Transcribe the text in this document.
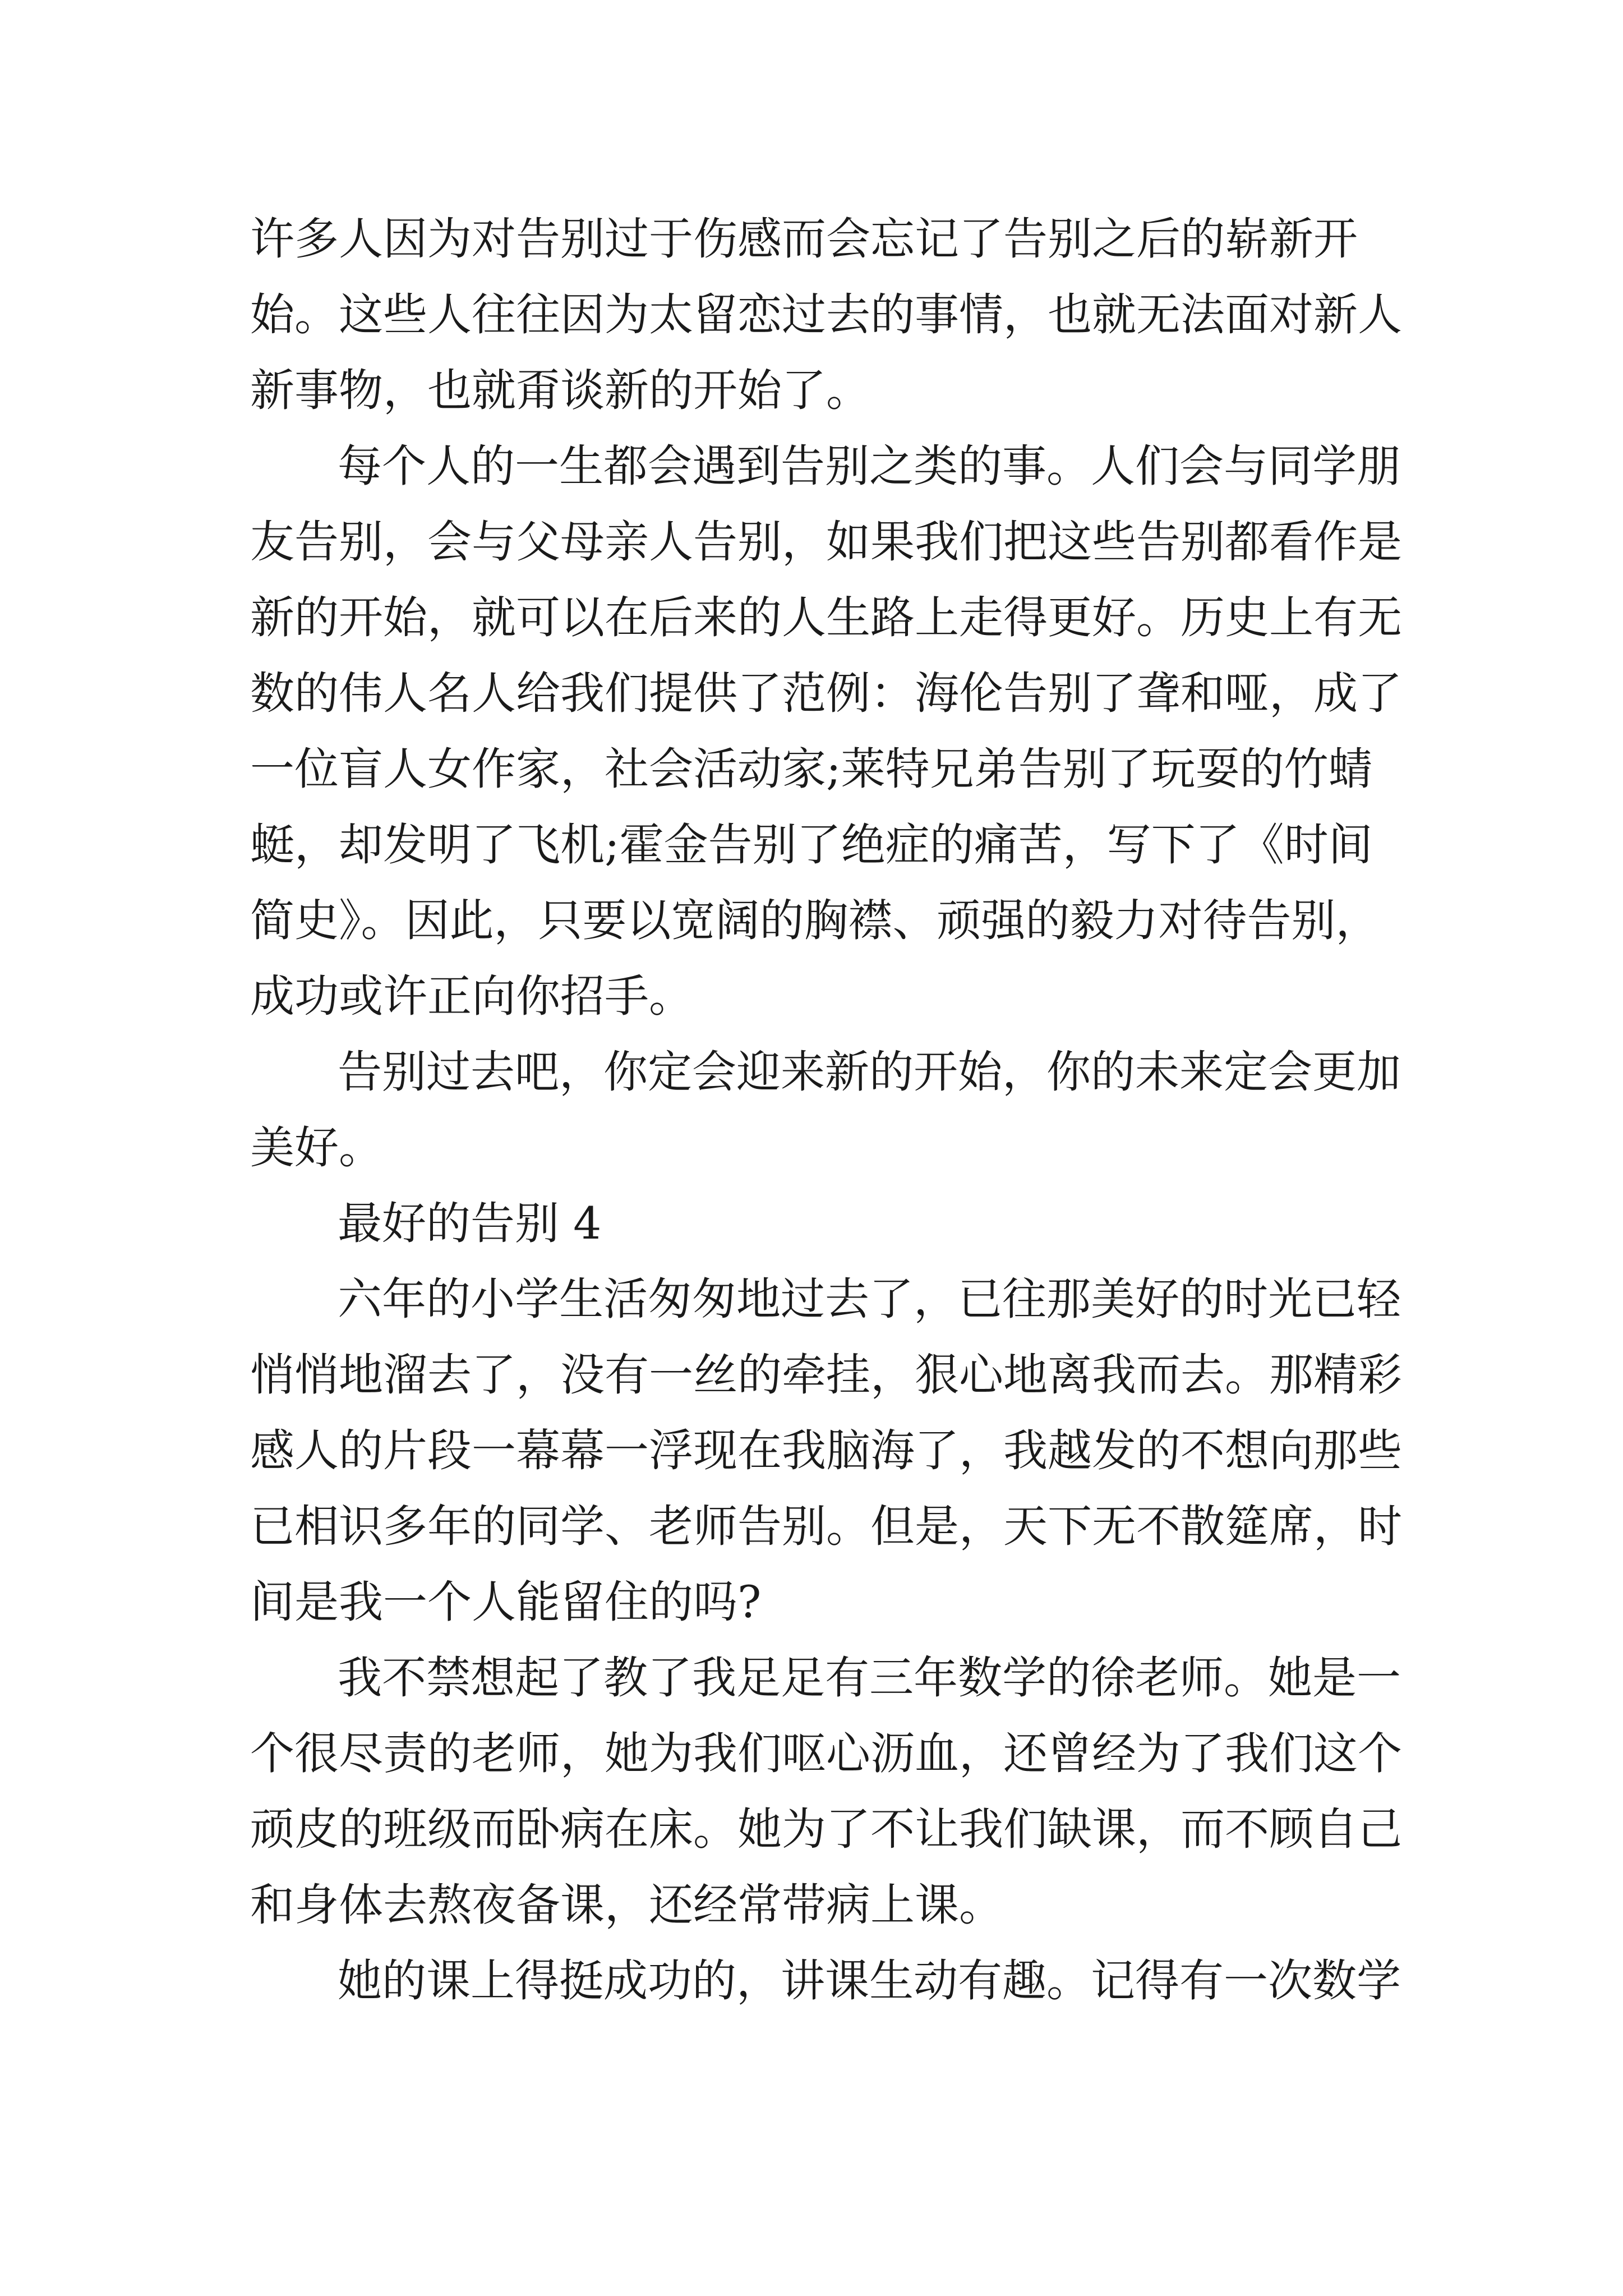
许多人因为对告别过于伤感而会忘记了告别之后的崭新开

始。这些人往往因为太留恋过去的事情，也就无法面对新人

新事物，也就甭谈新的开始了。

每个人的一生都会遇到告别之类的事。人们会与同学朋

友告别，会与父母亲人告别，如果我们把这些告别都看作是

新的开始，就可以在后来的人生路上走得更好。历史上有无

数的伟人名人给我们提供了范例：海伦告别了聋和哑，成了

一位盲人女作家，社会活动家;莱特兄弟告别了玩耍的竹蜻

蜓，却发明了飞机;霍金告别了绝症的痛苦，写下了《时间

简史》。因此，只要以宽阔的胸襟、顽强的毅力对待告别，

成功或许正向你招手。

告别过去吧，你定会迎来新的开始，你的未来定会更加

美好。

最好的告别 4

六年的小学生活匆匆地过去了，已往那美好的时光已轻

悄悄地溜去了，没有一丝的牵挂，狠心地离我而去。那精彩

感人的片段一幕幕一浮现在我脑海了，我越发的不想向那些

已相识多年的同学、老师告别。但是，天下无不散筵席，时

间是我一个人能留住的吗?

我不禁想起了教了我足足有三年数学的徐老师。她是一

个很尽责的老师，她为我们呕心沥血，还曾经为了我们这个

顽皮的班级而卧病在床。她为了不让我们缺课，而不顾自己

和身体去熬夜备课，还经常带病上课。

她的课上得挺成功的，讲课生动有趣。记得有一次数学
